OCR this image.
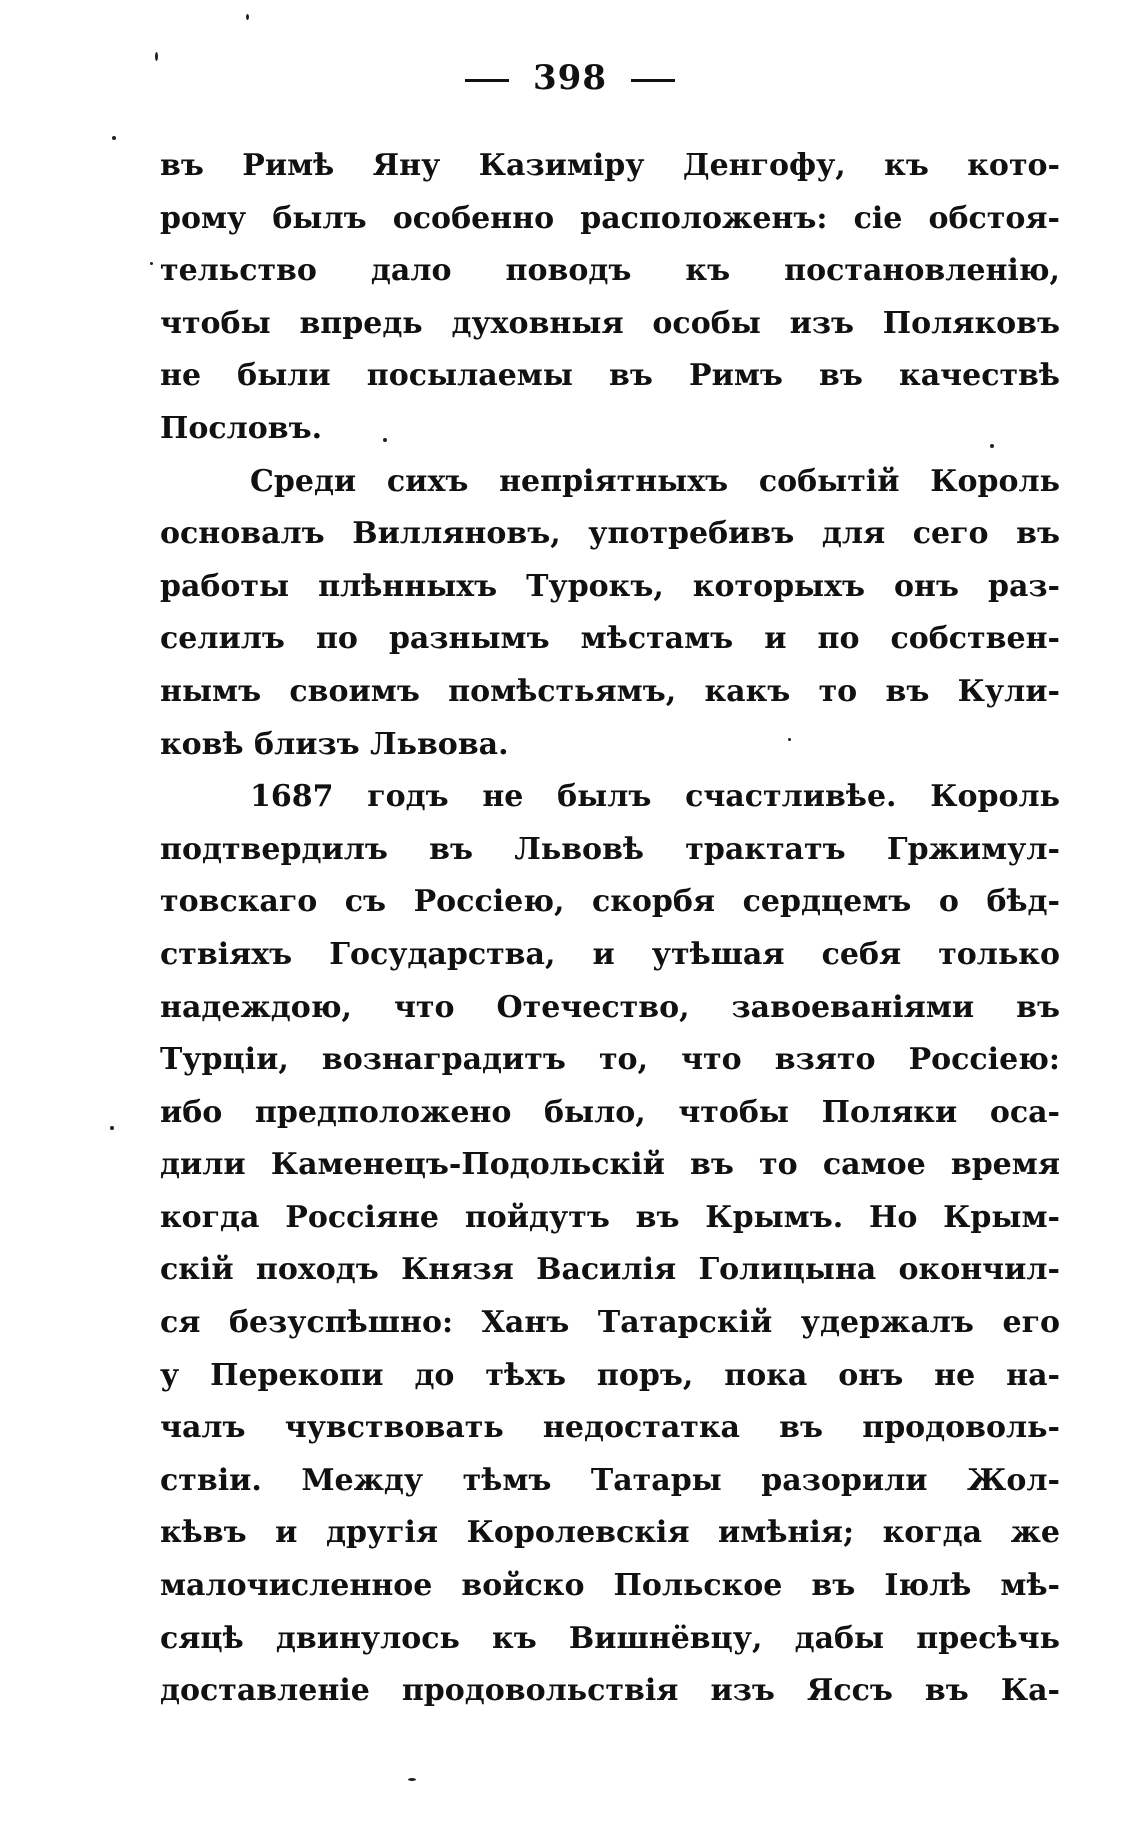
398
въ Римѣ Яну Казиміру Денгофу, къ кото-
рому былъ особенно расположенъ: сіе обстоя-
тельство дало поводъ къ постановленію,
чтобы впредь духовныя особы изъ Поляковъ
не были посылаемы въ Римъ въ качествѣ
Пословъ.
Среди сихъ непріятныхъ событій Король
основалъ Вилляновъ, употребивъ для сего въ
работы плѣнныхъ Турокъ, которыхъ онъ раз-
селилъ по разнымъ мѣстамъ и по собствен-
нымъ своимъ помѣстьямъ, какъ то въ Кули-
ковѣ близъ Львова.
1687 годъ не былъ счастливѣе. Король
подтвердилъ въ Львовѣ трактатъ Гржимул-
товскаго съ Россіею, скорбя сердцемъ о бѣд-
ствіяхъ Государства, и утѣшая себя только
надеждою, что Отечество, завоеваніями въ
Турціи, вознаградитъ то, что взято Россіею:
ибо предположено было, чтобы Поляки оса-
дили Каменецъ-Подольскій въ то самое время
когда Россіяне пойдутъ въ Крымъ. Но Крым-
скій походъ Князя Василія Голицына окончил-
ся безуспѣшно: Ханъ Татарскій удержалъ его
у Перекопи до тѣхъ поръ, пока онъ не на-
чалъ чувствовать недостатка въ продоволь-
ствіи. Между тѣмъ Татары разорили Жол-
кѣвъ и другія Королевскія имѣнія; когда же
малочисленное войско Польское въ Іюлѣ мѣ-
сяцѣ двинулось къ Вишнёвцу, дабы пресѣчь
доставленіе продовольствія изъ Яссъ въ Ка-
